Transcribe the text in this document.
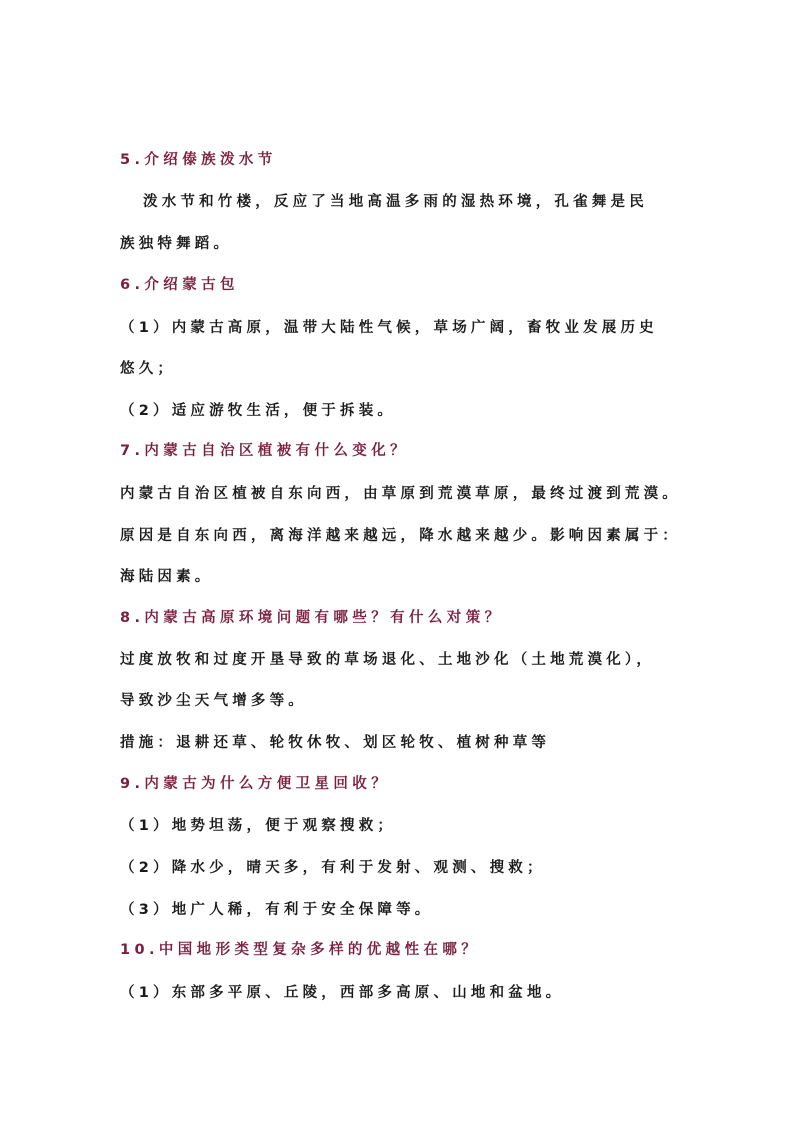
5.介绍傣族泼水节
泼水节和竹楼，反应了当地高温多雨的湿热环境，孔雀舞是民
族独特舞蹈。
6.介绍蒙古包
（1）内蒙古高原，温带大陆性气候，草场广阔，畜牧业发展历史
悠久；
（2）适应游牧生活，便于拆装。
7.内蒙古自治区植被有什么变化？
内蒙古自治区植被自东向西，由草原到荒漠草原，最终过渡到荒漠。
原因是自东向西，离海洋越来越远，降水越来越少。影响因素属于：
海陆因素。
8.内蒙古高原环境问题有哪些？有什么对策？
过度放牧和过度开垦导致的草场退化、土地沙化（土地荒漠化），
导致沙尘天气增多等。
措施：退耕还草、轮牧休牧、划区轮牧、植树种草等
9.内蒙古为什么方便卫星回收？
（1）地势坦荡，便于观察搜救；
（2）降水少，晴天多，有利于发射、观测、搜救；
（3）地广人稀，有利于安全保障等。
10.中国地形类型复杂多样的优越性在哪？
（1）东部多平原、丘陵，西部多高原、山地和盆地。
